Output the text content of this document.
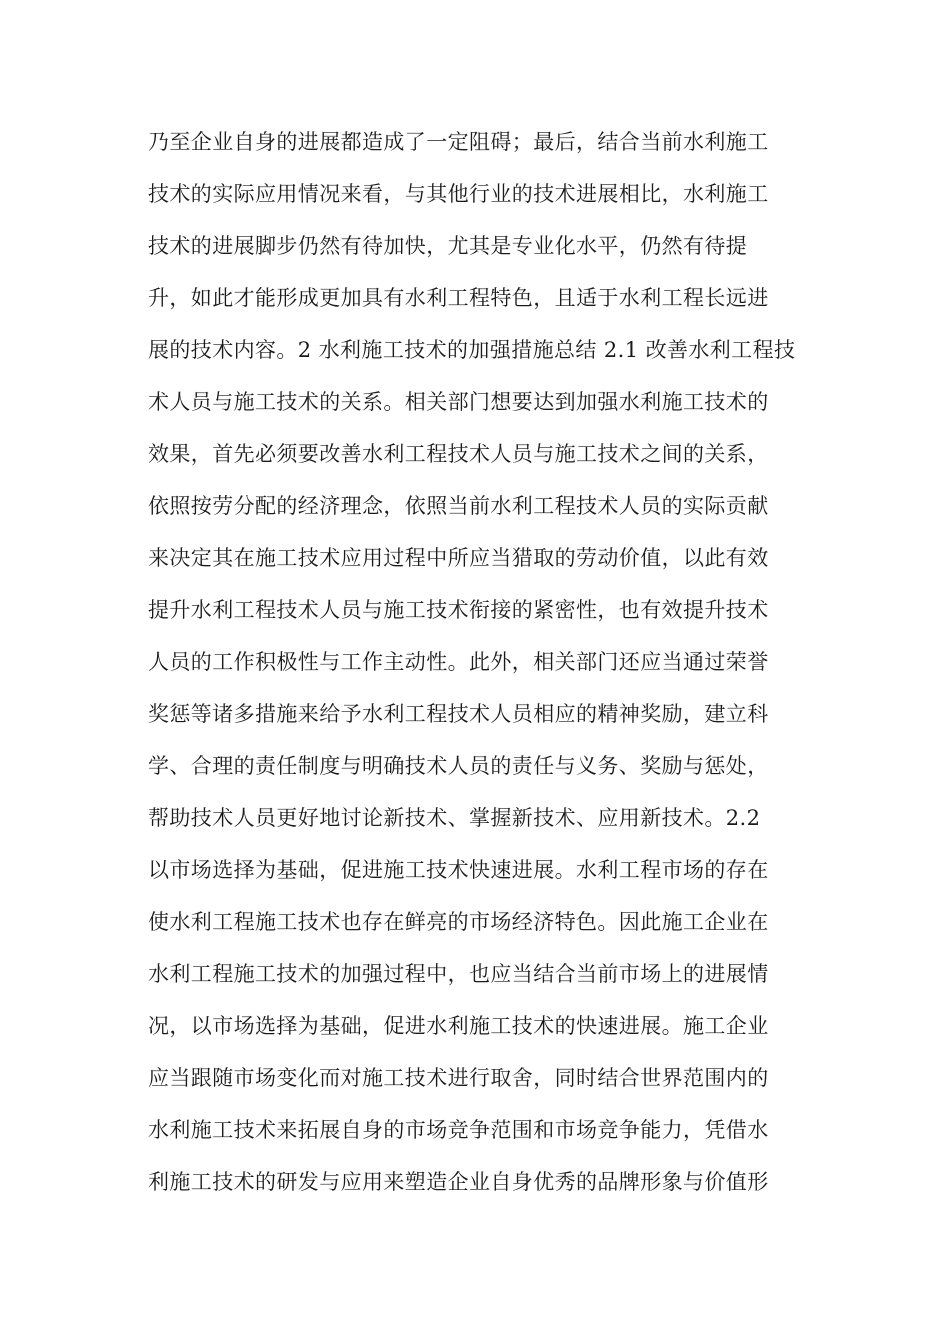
乃至企业自身的进展都造成了一定阻碍；最后，结合当前水利施工
技术的实际应用情况来看，与其他行业的技术进展相比，水利施工
技术的进展脚步仍然有待加快，尤其是专业化水平，仍然有待提
升，如此才能形成更加具有水利工程特色，且适于水利工程长远进
展的技术内容。2 水利施工技术的加强措施总结 2.1 改善水利工程技
术人员与施工技术的关系。相关部门想要达到加强水利施工技术的
效果，首先必须要改善水利工程技术人员与施工技术之间的关系，
依照按劳分配的经济理念，依照当前水利工程技术人员的实际贡献
来决定其在施工技术应用过程中所应当猎取的劳动价值，以此有效
提升水利工程技术人员与施工技术衔接的紧密性，也有效提升技术
人员的工作积极性与工作主动性。此外，相关部门还应当通过荣誉
奖惩等诸多措施来给予水利工程技术人员相应的精神奖励，建立科
学、合理的责任制度与明确技术人员的责任与义务、奖励与惩处，
帮助技术人员更好地讨论新技术、掌握新技术、应用新技术。2.2
以市场选择为基础，促进施工技术快速进展。水利工程市场的存在
使水利工程施工技术也存在鲜亮的市场经济特色。因此施工企业在
水利工程施工技术的加强过程中，也应当结合当前市场上的进展情
况，以市场选择为基础，促进水利施工技术的快速进展。施工企业
应当跟随市场变化而对施工技术进行取舍，同时结合世界范围内的
水利施工技术来拓展自身的市场竞争范围和市场竞争能力，凭借水
利施工技术的研发与应用来塑造企业自身优秀的品牌形象与价值形
